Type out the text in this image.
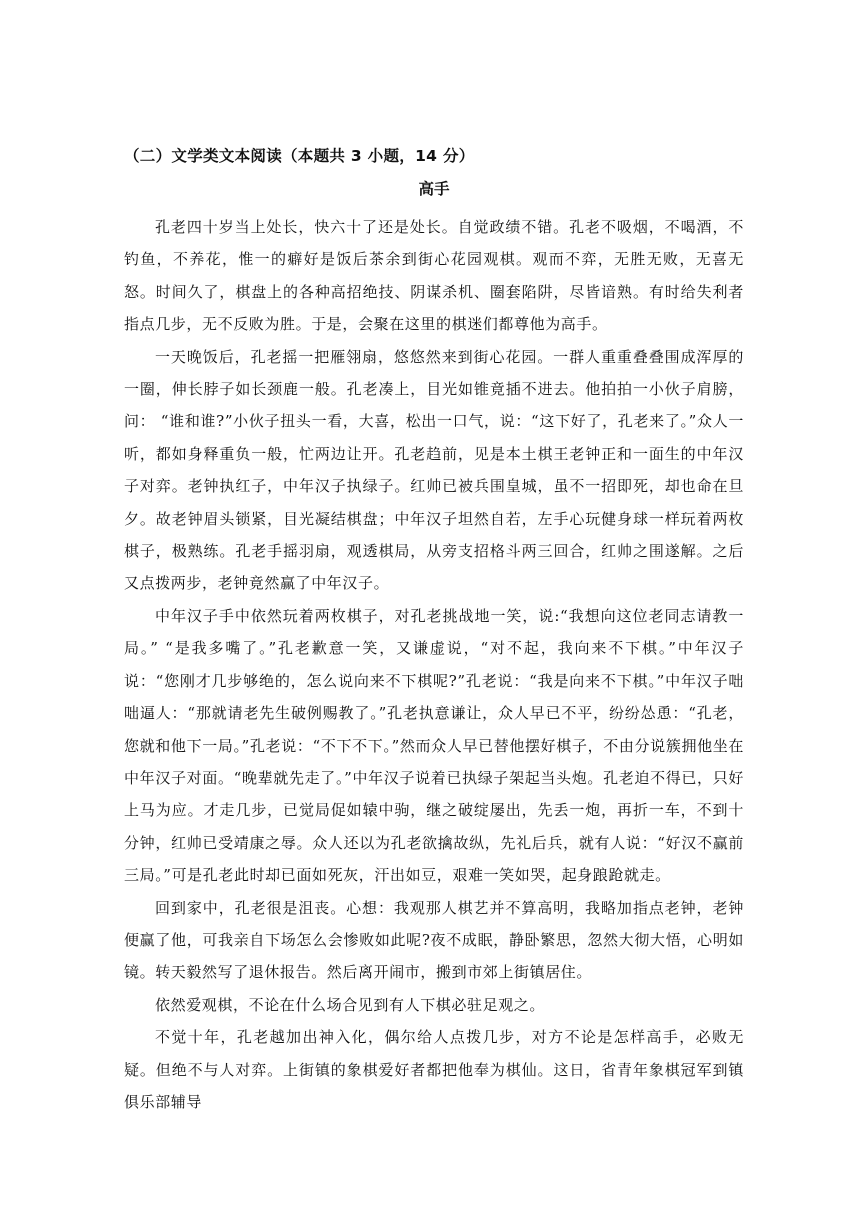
（二）文学类文本阅读（本题共 3 小题，14 分）
高手

孔老四十岁当上处长，快六十了还是处长。自觉政绩不错。孔老不吸烟，不喝酒，不钓鱼，不养花，惟一的癖好是饭后茶余到街心花园观棋。观而不弈，无胜无败，无喜无怒。时间久了，棋盘上的各种高招绝技、阴谋杀机、圈套陷阱，尽皆谙熟。有时给失利者指点几步，无不反败为胜。于是，会聚在这里的棋迷们都尊他为高手。

一天晚饭后，孔老摇一把雁翎扇，悠悠然来到街心花园。一群人重重叠叠围成浑厚的一圈，伸长脖子如长颈鹿一般。孔老凑上，目光如锥竟插不进去。他拍拍一小伙子肩膀，问： “谁和谁?”小伙子扭头一看，大喜，松出一口气，说：“这下好了，孔老来了。”众人一听，都如身释重负一般，忙两边让开。孔老趋前，见是本土棋王老钟正和一面生的中年汉子对弈。老钟执红子，中年汉子执绿子。红帅已被兵围皇城，虽不一招即死，却也命在旦夕。故老钟眉头锁紧，目光凝结棋盘；中年汉子坦然自若，左手心玩健身球一样玩着两枚棋子，极熟练。孔老手摇羽扇，观透棋局，从旁支招格斗两三回合，红帅之围遂解。之后又点拨两步，老钟竟然赢了中年汉子。

中年汉子手中依然玩着两枚棋子，对孔老挑战地一笑，说:“我想向这位老同志请教一局。” “是我多嘴了。”孔老歉意一笑，又谦虚说，“对不起，我向来不下棋。”中年汉子说：“您刚才几步够绝的，怎么说向来不下棋呢?”孔老说：“我是向来不下棋。”中年汉子咄咄逼人：“那就请老先生破例赐教了。”孔老执意谦让，众人早已不平，纷纷怂恿：“孔老，您就和他下一局。”孔老说：“不下不下。”然而众人早已替他摆好棋子，不由分说簇拥他坐在中年汉子对面。“晚辈就先走了。”中年汉子说着已执绿子架起当头炮。孔老迫不得已，只好上马为应。才走几步，已觉局促如辕中驹，继之破绽屡出，先丢一炮，再折一车，不到十分钟，红帅已受靖康之辱。众人还以为孔老欲擒故纵，先礼后兵，就有人说：“好汉不赢前三局。”可是孔老此时却已面如死灰，汗出如豆，艰难一笑如哭，起身踉跄就走。

回到家中，孔老很是沮丧。心想：我观那人棋艺并不算高明，我略加指点老钟，老钟便赢了他，可我亲自下场怎么会惨败如此呢?夜不成眠，静卧繁思，忽然大彻大悟，心明如镜。转天毅然写了退休报告。然后离开闹市，搬到市郊上街镇居住。

依然爱观棋，不论在什么场合见到有人下棋必驻足观之。

不觉十年，孔老越加出神入化，偶尔给人点拨几步，对方不论是怎样高手，必败无疑。但绝不与人对弈。上街镇的象棋爱好者都把他奉为棋仙。这日，省青年象棋冠军到镇俱乐部辅导
